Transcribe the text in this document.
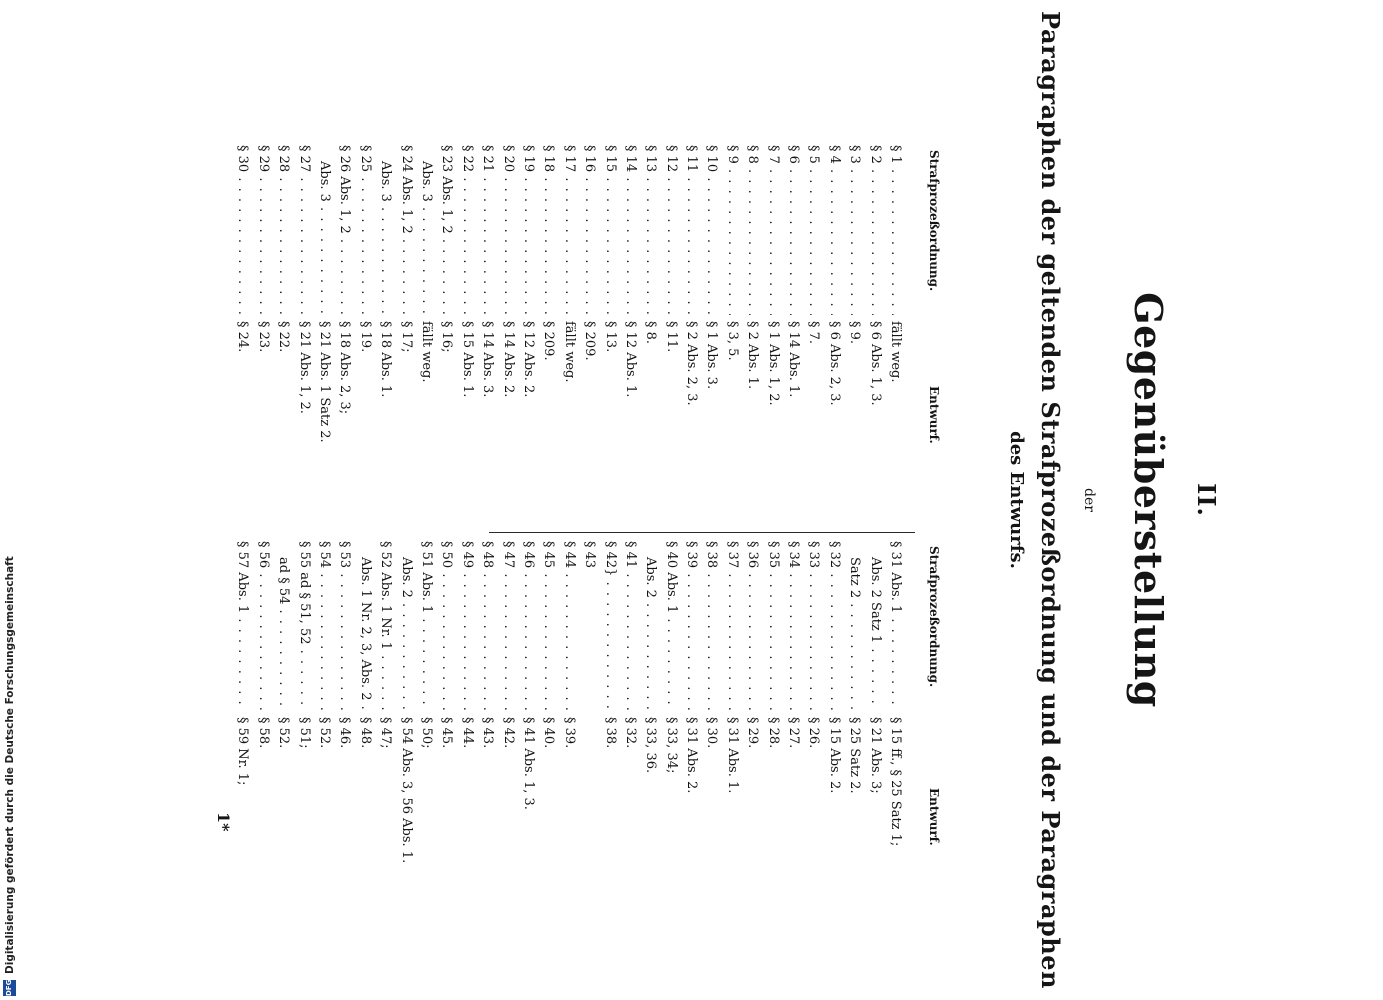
II.
Gegenüberstellung
der
Paragraphen der geltenden Strafprozeßordnung und der Paragraphen
des Entwurfs.
Strafprozeßordnung.
Entwurf.
Strafprozeßordnung.
Entwurf.
§ 1 . . .
fällt weg.
§ 2 . . .
§ 6 Abs. 1, 3.
§ 3 . . .
§ 9.
§ 4 . . .
§ 6 Abs. 2, 3.
§ 5 . . .
§ 7.
§ 6 . . .
§ 14 Abs. 1.
§ 7 . . .
§ 1 Abs. 1, 2.
§ 8 . . .
§ 2 Abs. 1.
§ 9 . . .
§ 3, 5.
§ 10 . . .
§ 1 Abs. 3.
§ 11 . . .
§ 2 Abs. 2, 3.
§ 12 . . .
§ 11.
§ 13 . . .
§ 8.
§ 14 . . .
§ 12 Abs. 1.
§ 15 . . .
§ 13.
§ 16 . . .
§ 209.
§ 17 . . .
fällt weg.
§ 18 . . .
§ 209.
§ 19 . . .
§ 12 Abs. 2.
§ 20 . . .
§ 14 Abs. 2.
§ 21 . . .
§ 14 Abs. 3.
§ 22 . . .
§ 15 Abs. 1.
§ 23 Abs. 1, 2 . . .
§ 16;
Abs. 3 . . .
fällt weg.
§ 24 Abs. 1, 2 . . .
§ 17;
Abs. 3 . . .
§ 18 Abs. 1.
§ 25 . . .
§ 19.
§ 26 Abs. 1, 2 . . .
§ 18 Abs. 2, 3;
Abs. 3 . . .
§ 21 Abs. 1 Satz 2.
§ 27 . . .
§ 21 Abs. 1, 2.
§ 28 . . .
§ 22.
§ 29 . . .
§ 23.
§ 30 . . .
§ 24.
§ 31 Abs. 1 . . .
§ 15 ff., § 25 Satz 1;
Abs. 2 Satz 1 . . .
§ 21 Abs. 3;
Satz 2 . . .
§ 25 Satz 2.
§ 32 . . .
§ 15 Abs. 2.
§ 33 . . .
§ 26.
§ 34 . . .
§ 27.
§ 35 . . .
§ 28.
§ 36 . . .
§ 29.
§ 37 . . .
§ 31 Abs. 1.
§ 38 . . .
§ 30.
§ 39 . . .
§ 31 Abs. 2.
§ 40 Abs. 1 . . .
§ 33, 34;
Abs. 2 . . .
§ 33, 36.
§ 41 . . .
§ 32.
§ 42} . . .
§ 38.
§ 43
§ 44 . . .
§ 39.
§ 45 . . .
§ 40.
§ 46 . . .
§ 41 Abs. 1, 3.
§ 47 . . .
§ 42.
§ 48 . . .
§ 43.
§ 49 . . .
§ 44.
§ 50 . . .
§ 45.
§ 51 Abs. 1 . . .
§ 50;
Abs. 2 . . .
§ 54 Abs. 3, 56 Abs. 1.
§ 52 Abs. 1 Nr. 1 . . .
§ 47;
Abs. 1 Nr. 2, 3, Abs. 2 . . .
§ 48.
§ 53 . . .
§ 46.
§ 54 . . .
§ 52.
§ 55 ad § 51, 52 . . .
§ 51;
ad § 54 . . .
§ 52.
§ 56 . . .
§ 58.
§ 57 Abs. 1 . . .
§ 59 Nr. 1;
1*
Digitalisierung gefördert durch die Deutsche Forschungsgemeinschaft
DFG
